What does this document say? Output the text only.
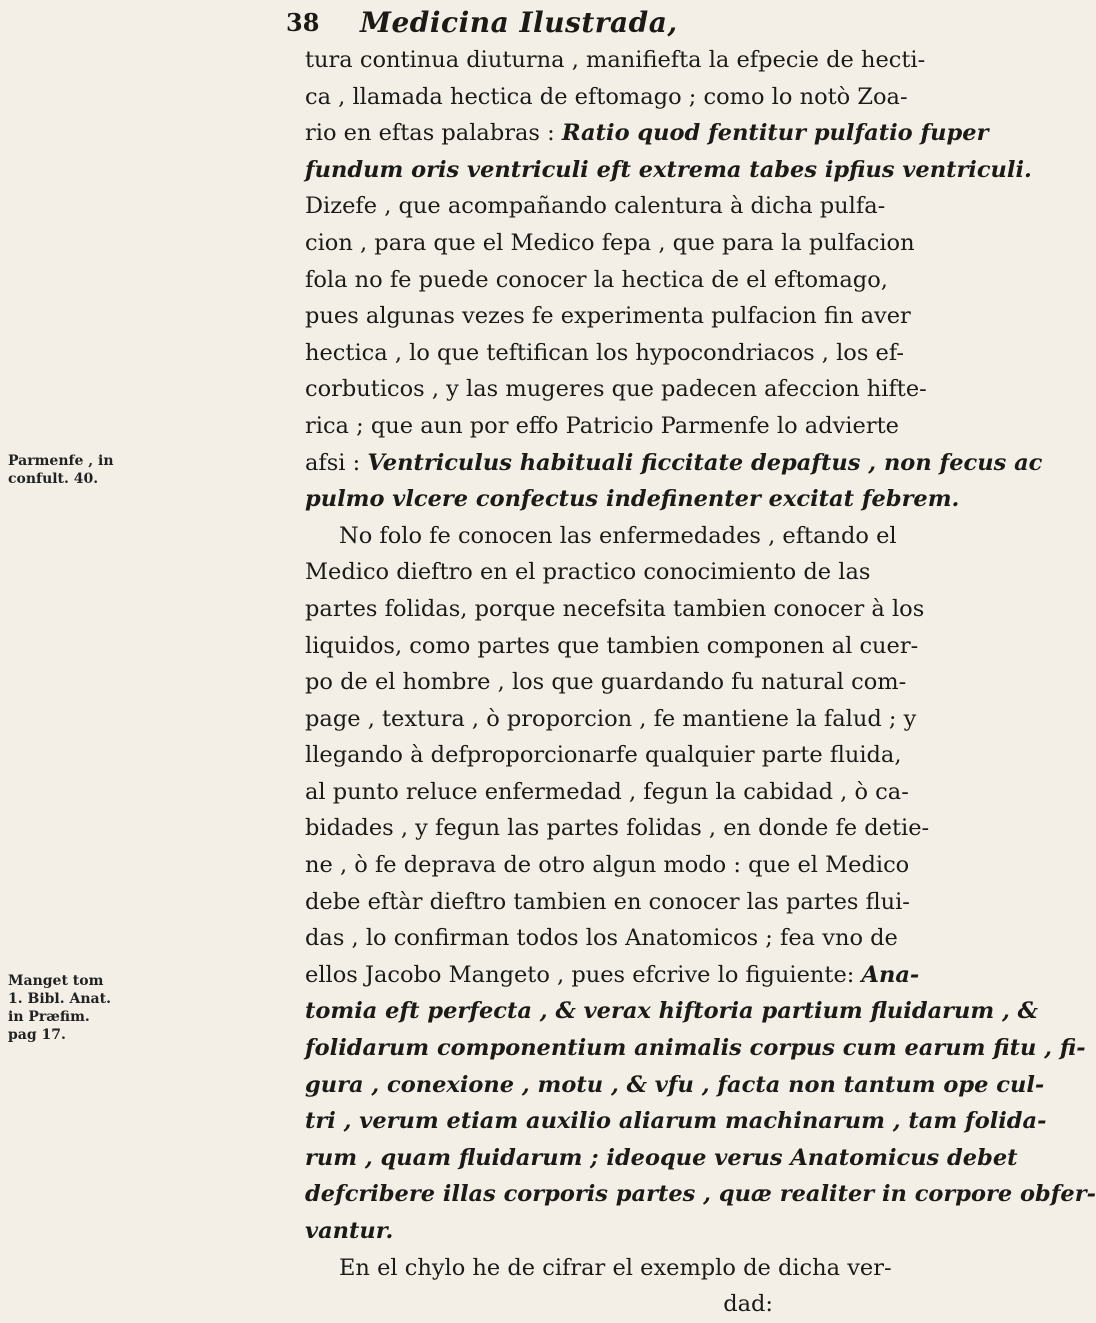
38 Medicina Ilustrada,
Parmenfe , in
confult. 40.
Manget tom
1. Bibl. Anat.
in Præfim.
pag 17.
tura continua diuturna , manifiefta la efpecie de hecti-
ca , llamada hectica de eftomago ; como lo notò Zoa-
rio en eftas palabras : Ratio quod fentitur pulfatio fuper
fundum oris ventriculi eft extrema tabes ipfius ventriculi.
Dizefe , que acompañando calentura à dicha pulfa-
cion , para que el Medico fepa , que para la pulfacion
fola no fe puede conocer la hectica de el eftomago,
pues algunas vezes fe experimenta pulfacion fin aver
hectica , lo que teftifican los hypocondriacos , los ef-
corbuticos , y las mugeres que padecen afeccion hifte-
rica ; que aun por effo Patricio Parmenfe lo advierte
afsi : Ventriculus habituali ficcitate depaftus , non fecus ac
pulmo vlcere confectus indefinenter excitat febrem.
No folo fe conocen las enfermedades , eftando el
Medico dieftro en el practico conocimiento de las
partes folidas, porque necefsita tambien conocer à los
liquidos, como partes que tambien componen al cuer-
po de el hombre , los que guardando fu natural com-
page , textura , ò proporcion , fe mantiene la falud ; y
llegando à defproporcionarfe qualquier parte fluida,
al punto reluce enfermedad , fegun la cabidad , ò ca-
bidades , y fegun las partes folidas , en donde fe detie-
ne , ò fe deprava de otro algun modo : que el Medico
debe eftàr dieftro tambien en conocer las partes flui-
das , lo confirman todos los Anatomicos ; fea vno de
ellos Jacobo Mangeto , pues efcrive lo figuiente: Ana-
tomia eft perfecta , & verax hiftoria partium fluidarum , &
folidarum componentium animalis corpus cum earum fitu , fi-
gura , conexione , motu , & vfu , facta non tantum ope cul-
tri , verum etiam auxilio aliarum machinarum , tam folida-
rum , quam fluidarum ; ideoque verus Anatomicus debet
defcribere illas corporis partes , quæ realiter in corpore obfer-
vantur.
En el chylo he de cifrar el exemplo de dicha ver-
dad:
